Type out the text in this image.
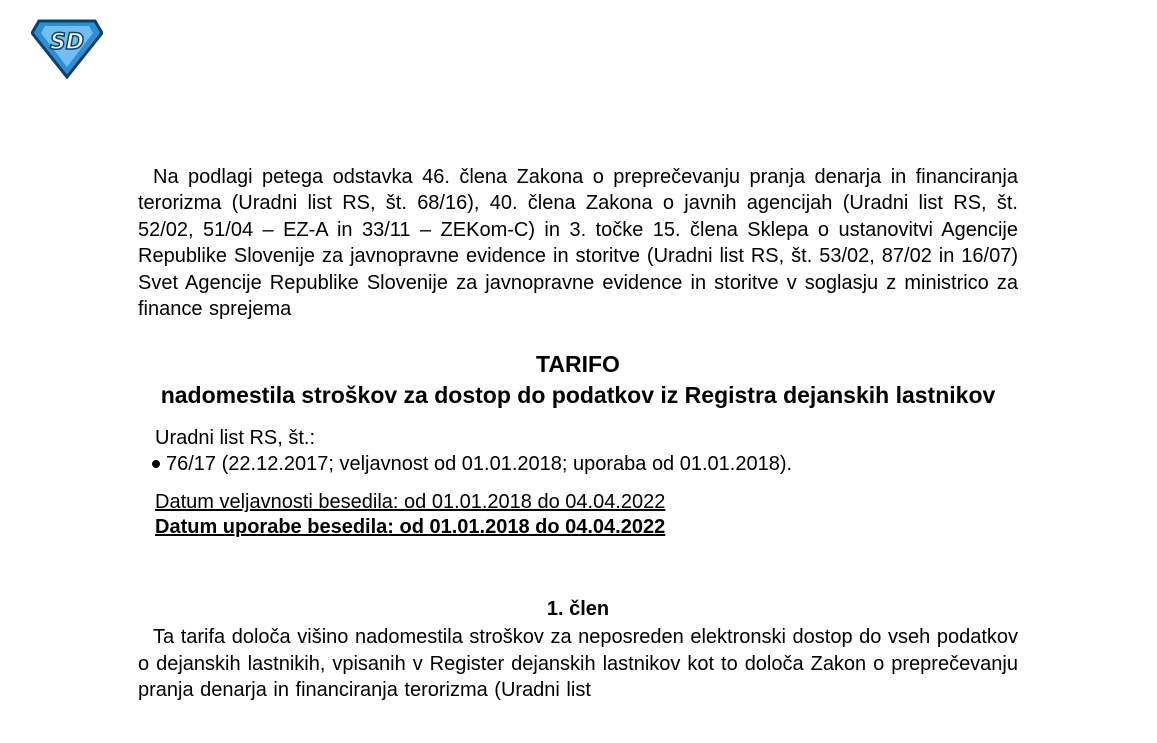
SD

Na podlagi petega odstavka 46. člena Zakona o preprečevanju pranja denarja in financiranja terorizma (Uradni list RS, št. 68/16), 40. člena Zakona o javnih agencijah (Uradni list RS, št. 52/02, 51/04 – EZ-A in 33/11 – ZEKom-C) in 3. točke 15. člena Sklepa o ustanovitvi Agencije Republike Slovenije za javnopravne evidence in storitve (Uradni list RS, št. 53/02, 87/02 in 16/07) Svet Agencije Republike Slovenije za javnopravne evidence in storitve v soglasju z ministrico za finance sprejema

TARIFO
nadomestila stroškov za dostop do podatkov iz Registra dejanskih lastnikov
Uradni list RS, št.:
76/17 (22.12.2017; veljavnost od 01.01.2018; uporaba od 01.01.2018).
Datum veljavnosti besedila: od 01.01.2018 do 04.04.2022
Datum uporabe besedila: od 01.01.2018 do 04.04.2022
1. člen

Ta tarifa določa višino nadomestila stroškov za neposreden elektronski dostop do vseh podatkov o dejanskih lastnikih, vpisanih v Register dejanskih lastnikov kot to določa Zakon o preprečevanju pranja denarja in financiranja terorizma (Uradni list
